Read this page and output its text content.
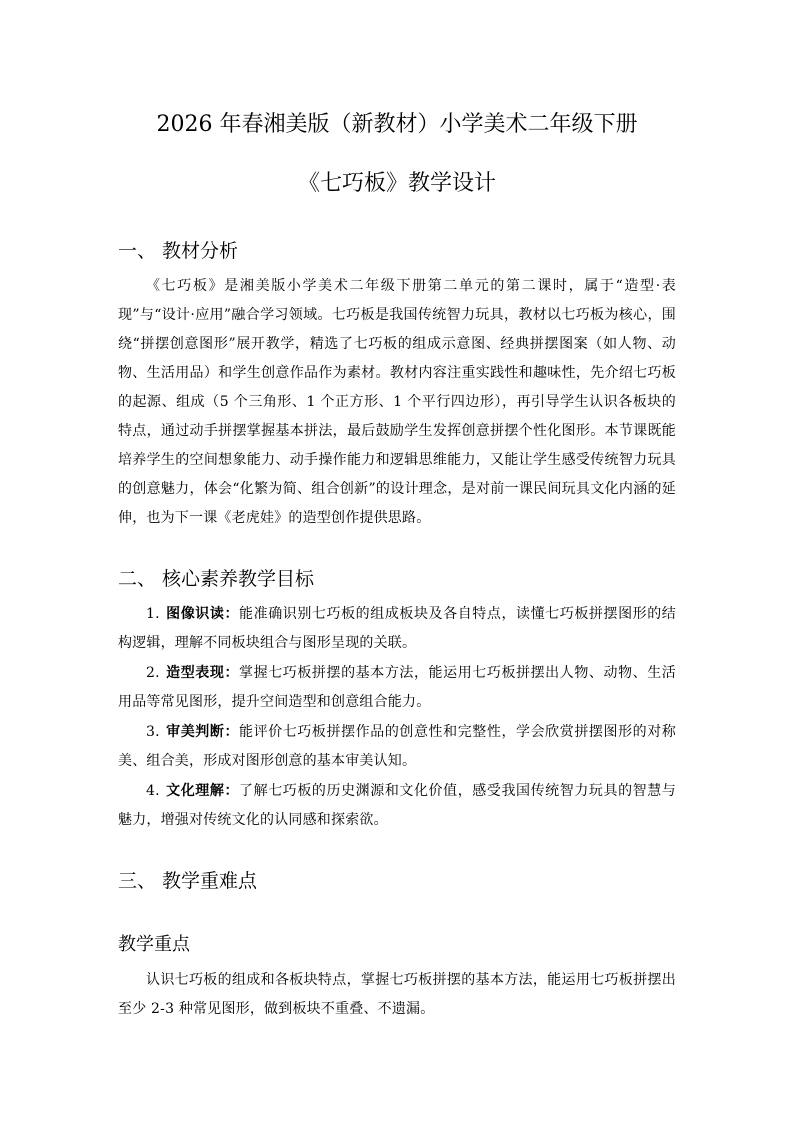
2026 年春湘美版（新教材）小学美术二年级下册
《七巧板》教学设计
一、 教材分析

《七巧板》是湘美版小学美术二年级下册第二单元的第二课时，属于“造型·表现”与“设计·应用”融合学习领域。七巧板是我国传统智力玩具，教材以七巧板为核心，围绕“拼摆创意图形”展开教学，精选了七巧板的组成示意图、经典拼摆图案（如人物、动物、生活用品）和学生创意作品作为素材。教材内容注重实践性和趣味性，先介绍七巧板的起源、组成（5 个三角形、1 个正方形、1 个平行四边形），再引导学生认识各板块的特点，通过动手拼摆掌握基本拼法，最后鼓励学生发挥创意拼摆个性化图形。本节课既能培养学生的空间想象能力、动手操作能力和逻辑思维能力，又能让学生感受传统智力玩具的创意魅力，体会“化繁为简、组合创新”的设计理念，是对前一课民间玩具文化内涵的延伸，也为下一课《老虎娃》的造型创作提供思路。

二、 核心素养教学目标
1. 图像识读：能准确识别七巧板的组成板块及各自特点，读懂七巧板拼摆图形的结构逻辑，理解不同板块组合与图形呈现的关联。
2. 造型表现：掌握七巧板拼摆的基本方法，能运用七巧板拼摆出人物、动物、生活用品等常见图形，提升空间造型和创意组合能力。
3. 审美判断：能评价七巧板拼摆作品的创意性和完整性，学会欣赏拼摆图形的对称美、组合美，形成对图形创意的基本审美认知。
4. 文化理解：了解七巧板的历史渊源和文化价值，感受我国传统智力玩具的智慧与魅力，增强对传统文化的认同感和探索欲。
三、 教学重难点
教学重点

认识七巧板的组成和各板块特点，掌握七巧板拼摆的基本方法，能运用七巧板拼摆出至少 2-3 种常见图形，做到板块不重叠、不遗漏。
